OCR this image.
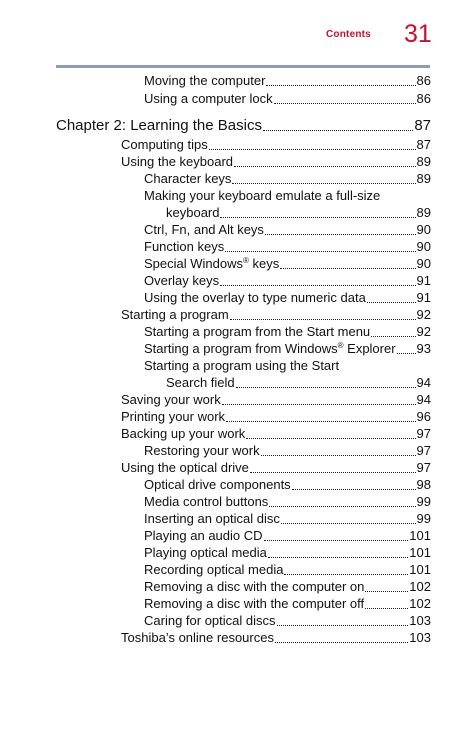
Contents 31
Moving the computer	86
Using a computer lock	86
Chapter 2: Learning the Basics	87
Computing tips	87
Using the keyboard	89
Character keys	89
Making your keyboard emulate a full-size
keyboard	89
Ctrl, Fn, and Alt keys	90
Function keys	90
Special Windows® keys	90
Overlay keys	91
Using the overlay to type numeric data	91
Starting a program	92
Starting a program from the Start menu	92
Starting a program from Windows® Explorer 93
Starting a program using the Start
Search field	94
Saving your work	94
Printing your work	96
Backing up your work	97
Restoring your work	97
Using the optical drive	97
Optical drive components	98
Media control buttons	99
Inserting an optical disc	99
Playing an audio CD	101
Playing optical media	101
Recording optical media	101
Removing a disc with the computer on	102
Removing a disc with the computer off	102
Caring for optical discs	103
Toshiba’s online resources	103
